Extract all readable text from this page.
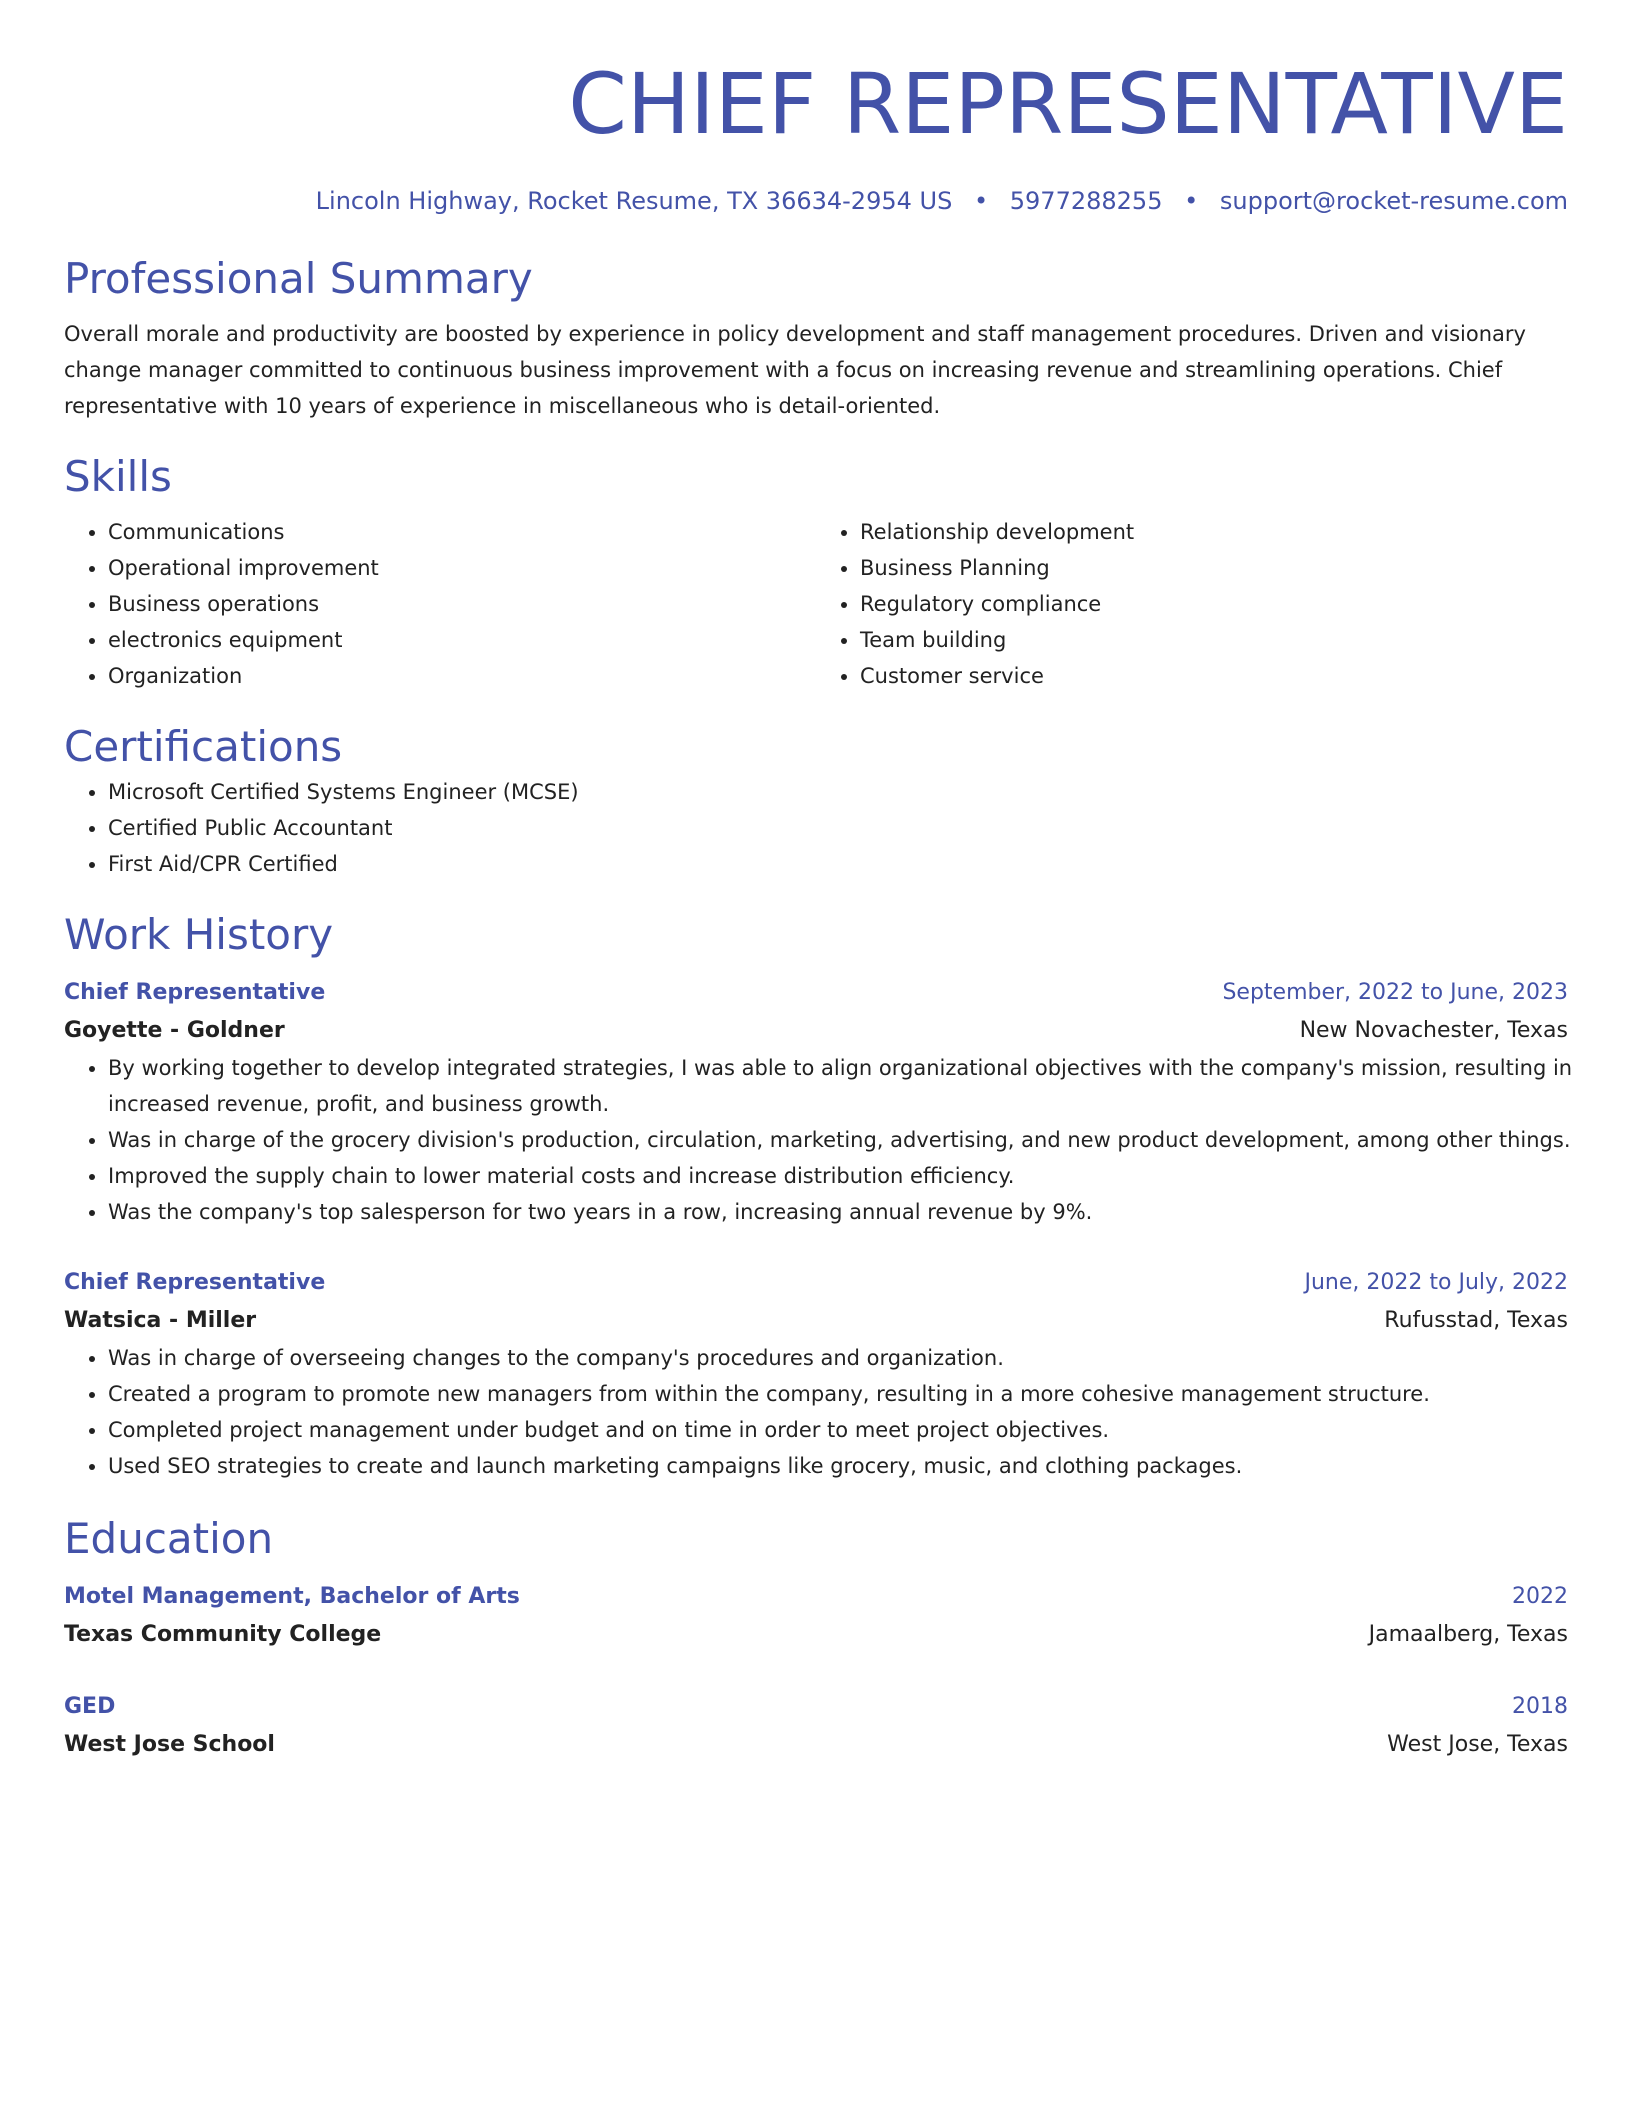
CHIEF REPRESENTATIVE
Lincoln Highway, Rocket Resume, TX 36634-2954 US • 5977288255 • support@rocket-resume.com
Professional Summary

Overall morale and productivity are boosted by experience in policy development and staff management procedures. Driven and visionary change manager committed to continuous business improvement with a focus on increasing revenue and streamlining operations. Chief representative with 10 years of experience in miscellaneous who is detail-oriented.

Skills
• Communications
• Operational improvement
• Business operations
• electronics equipment
• Organization
• Relationship development
• Business Planning
• Regulatory compliance
• Team building
• Customer service
Certifications
• Microsoft Certified Systems Engineer (MCSE)
• Certified Public Accountant
• First Aid/CPR Certified
Work History
Chief Representative	September, 2022 to June, 2023
Goyette - Goldner	New Novachester, Texas
• By working together to develop integrated strategies, I was able to align organizational objectives with the company's mission, resulting in increased revenue, profit, and business growth.
• Was in charge of the grocery division's production, circulation, marketing, advertising, and new product development, among other things.
• Improved the supply chain to lower material costs and increase distribution efficiency.
• Was the company's top salesperson for two years in a row, increasing annual revenue by 9%.
Chief Representative	June, 2022 to July, 2022
Watsica - Miller	Rufusstad, Texas
• Was in charge of overseeing changes to the company's procedures and organization.
• Created a program to promote new managers from within the company, resulting in a more cohesive management structure.
• Completed project management under budget and on time in order to meet project objectives.
• Used SEO strategies to create and launch marketing campaigns like grocery, music, and clothing packages.
Education
Motel Management, Bachelor of Arts	2022
Texas Community College	Jamaalberg, Texas
GED	2018
West Jose School	West Jose, Texas
